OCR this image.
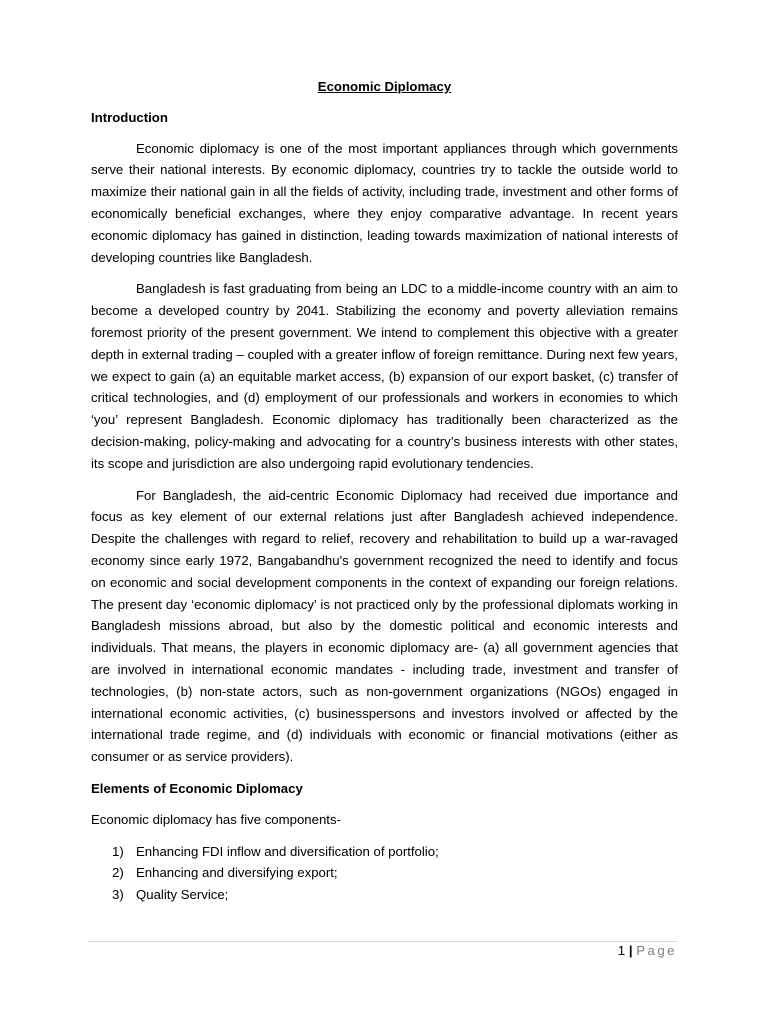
Economic Diplomacy
Introduction

Economic diplomacy is one of the most important appliances through which governments serve their national interests. By economic diplomacy, countries try to tackle the outside world to maximize their national gain in all the fields of activity, including trade, investment and other forms of economically beneficial exchanges, where they enjoy comparative advantage. In recent years economic diplomacy has gained in distinction, leading towards maximization of national interests of developing countries like Bangladesh.

Bangladesh is fast graduating from being an LDC to a middle-income country with an aim to become a developed country by 2041. Stabilizing the economy and poverty alleviation remains foremost priority of the present government. We intend to complement this objective with a greater depth in external trading – coupled with a greater inflow of foreign remittance. During next few years, we expect to gain (a) an equitable market access, (b) expansion of our export basket, (c) transfer of critical technologies, and (d) employment of our professionals and workers in economies to which ‘you’ represent Bangladesh. Economic diplomacy has traditionally been characterized as the decision-making, policy-making and advocating for a country’s business interests with other states, its scope and jurisdiction are also undergoing rapid evolutionary tendencies.

For Bangladesh, the aid-centric Economic Diplomacy had received due importance and focus as key element of our external relations just after Bangladesh achieved independence. Despite the challenges with regard to relief, recovery and rehabilitation to build up a war-ravaged economy since early 1972, Bangabandhu's government recognized the need to identify and focus on economic and social development components in the context of expanding our foreign relations. The present day ‘economic diplomacy’ is not practiced only by the professional diplomats working in Bangladesh missions abroad, but also by the domestic political and economic interests and individuals. That means, the players in economic diplomacy are- (a) all government agencies that are involved in international economic mandates - including trade, investment and transfer of technologies, (b) non-state actors, such as non-government organizations (NGOs) engaged in international economic activities, (c) businesspersons and investors involved or affected by the international trade regime, and (d) individuals with economic or financial motivations (either as consumer or as service providers).

Elements of Economic Diplomacy

Economic diplomacy has five components-

1) Enhancing FDI inflow and diversification of portfolio;
2) Enhancing and diversifying export;
3) Quality Service;
1 | Page
